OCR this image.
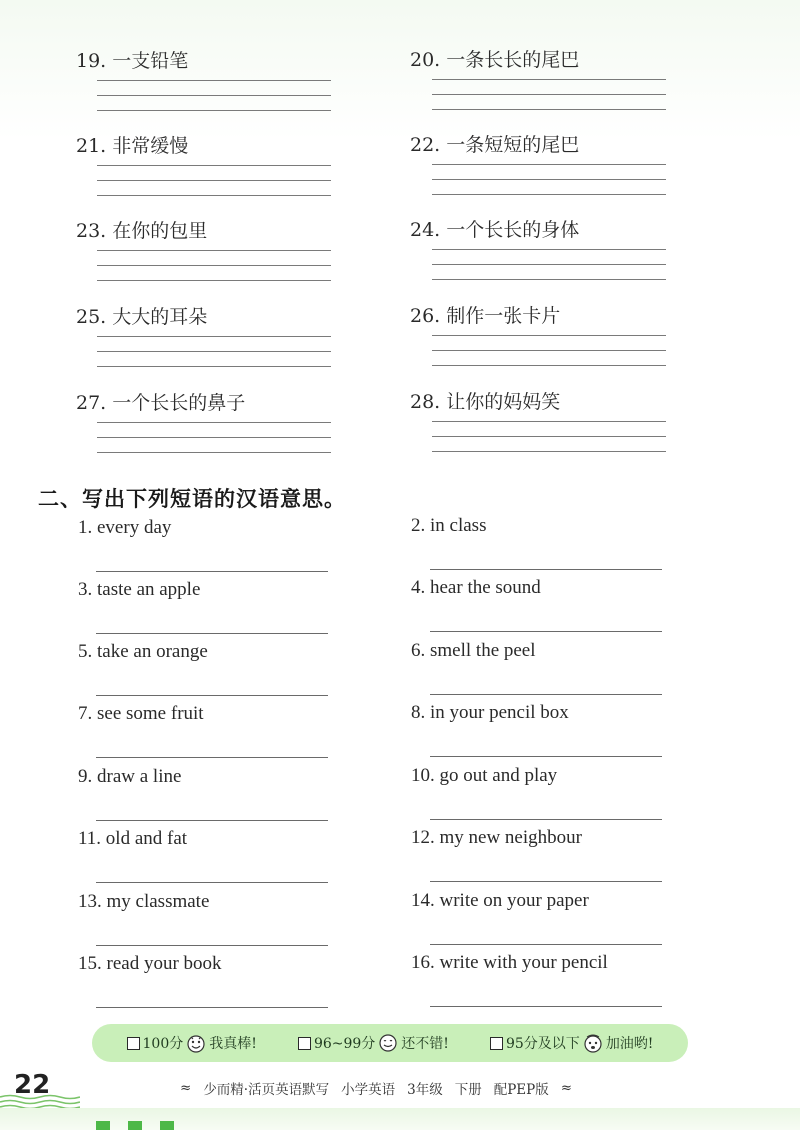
19. 一支铅笔	20. 一条长长的尾巴
21. 非常缓慢	22. 一条短短的尾巴
23. 在你的包里	24. 一个长长的身体
25. 大大的耳朵	26. 制作一张卡片
27. 一个长长的鼻子	28. 让你的妈妈笑
二、写出下列短语的汉语意思。
1. every day	2. in class
3. taste an apple	4. hear the sound
5. take an orange	6. smell the peel
7. see some fruit	8. in your pencil box
9. draw a line	10. go out and play
11. old and fat	12. my new neighbour
13. my classmate	14. write on your paper
15. read your book	16. write with your pencil
100分 我真棒!	96~99分 还不错!	95分及以下 加油哟!
22	≈ 少而精·活页英语默写 小学英语 3年级 下册 配PEP版 ≈
